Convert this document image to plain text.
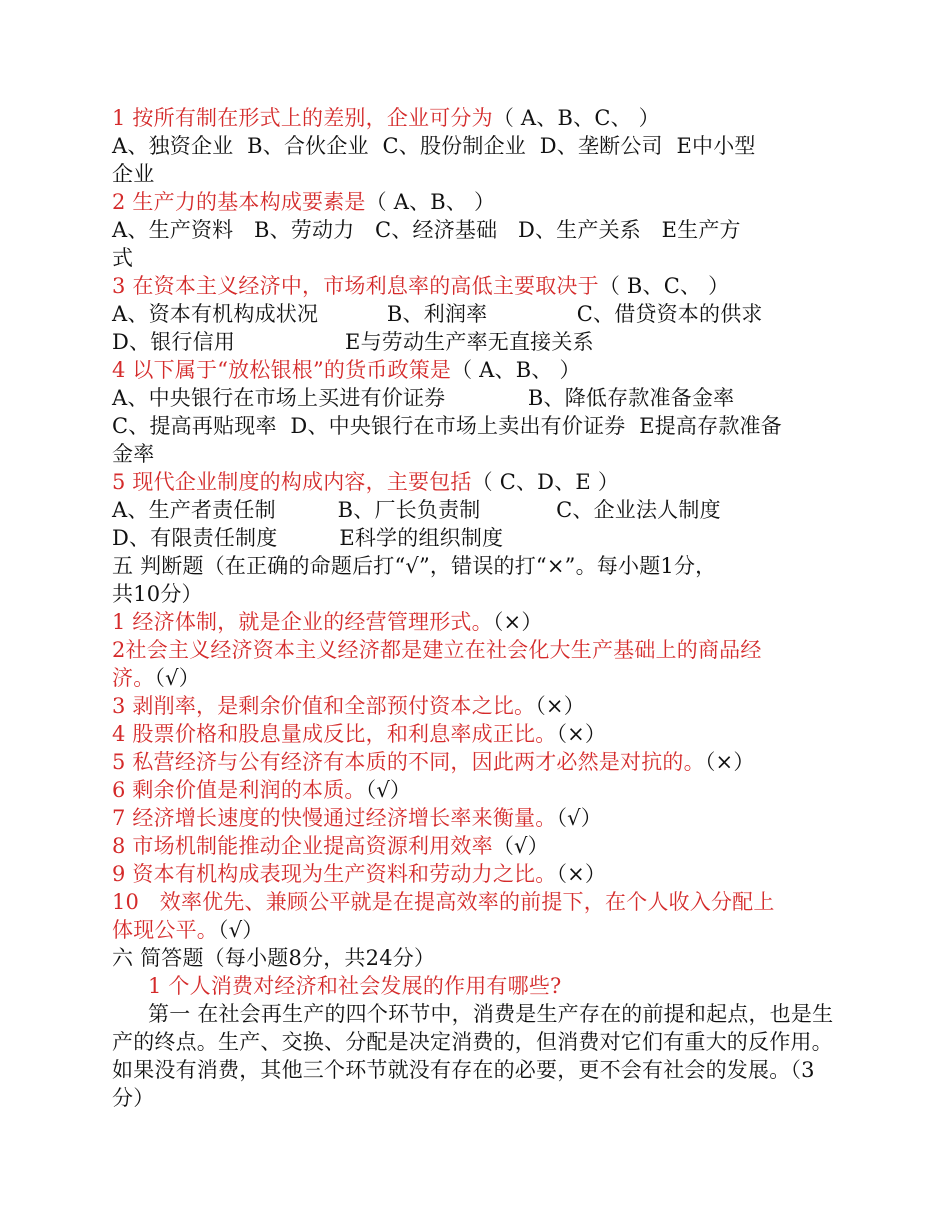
1 按所有制在形式上的差别，企业可分为（ A、B、C、 ）
A、独资企业  B、合伙企业  C、股份制企业  D、垄断公司  E中小型
企业
2 生产力的基本构成要素是（ A、B、 ）
A、生产资料   B、劳动力   C、经济基础   D、生产关系   E生产方
式
3 在资本主义经济中，市场利息率的高低主要取决于（ B、C、 ）
A、资本有机构成状况          B、利润率             C、借贷资本的供求
D、银行信用                E与劳动生产率无直接关系
4 以下属于“放松银根”的货币政策是（ A、B、 ）
A、中央银行在市场上买进有价证券            B、降低存款准备金率
C、提高再贴现率  D、中央银行在市场上卖出有价证券  E提高存款准备
金率
5 现代企业制度的构成内容，主要包括（ C、D、E ）
A、生产者责任制         B、厂长负责制           C、企业法人制度
D、有限责任制度         E科学的组织制度
五 判断题（在正确的命题后打“√”，错误的打“×”。每小题1分，
共10分）
1 经济体制，就是企业的经营管理形式。（×）
2社会主义经济资本主义经济都是建立在社会化大生产基础上的商品经
济。（√）
3 剥削率，是剩余价值和全部预付资本之比。（×）
4 股票价格和股息量成反比，和利息率成正比。（×）
5 私营经济与公有经济有本质的不同，因此两才必然是对抗的。（×）
6 剩余价值是利润的本质。（√）
7 经济增长速度的快慢通过经济增长率来衡量。（√）
8 市场机制能推动企业提高资源利用效率（√）
9 资本有机构成表现为生产资料和劳动力之比。（×）
10   效率优先、兼顾公平就是在提高效率的前提下，在个人收入分配上
体现公平。（√）
六 简答题（每小题8分，共24分）
1 个人消费对经济和社会发展的作用有哪些?
第一 在社会再生产的四个环节中，消费是生产存在的前提和起点，也是生产的终点。生产、交换、分配是决定消费的，但消费对它们有重大的反作用。如果没有消费，其他三个环节就没有存在的必要，更不会有社会的发展。（3分）
